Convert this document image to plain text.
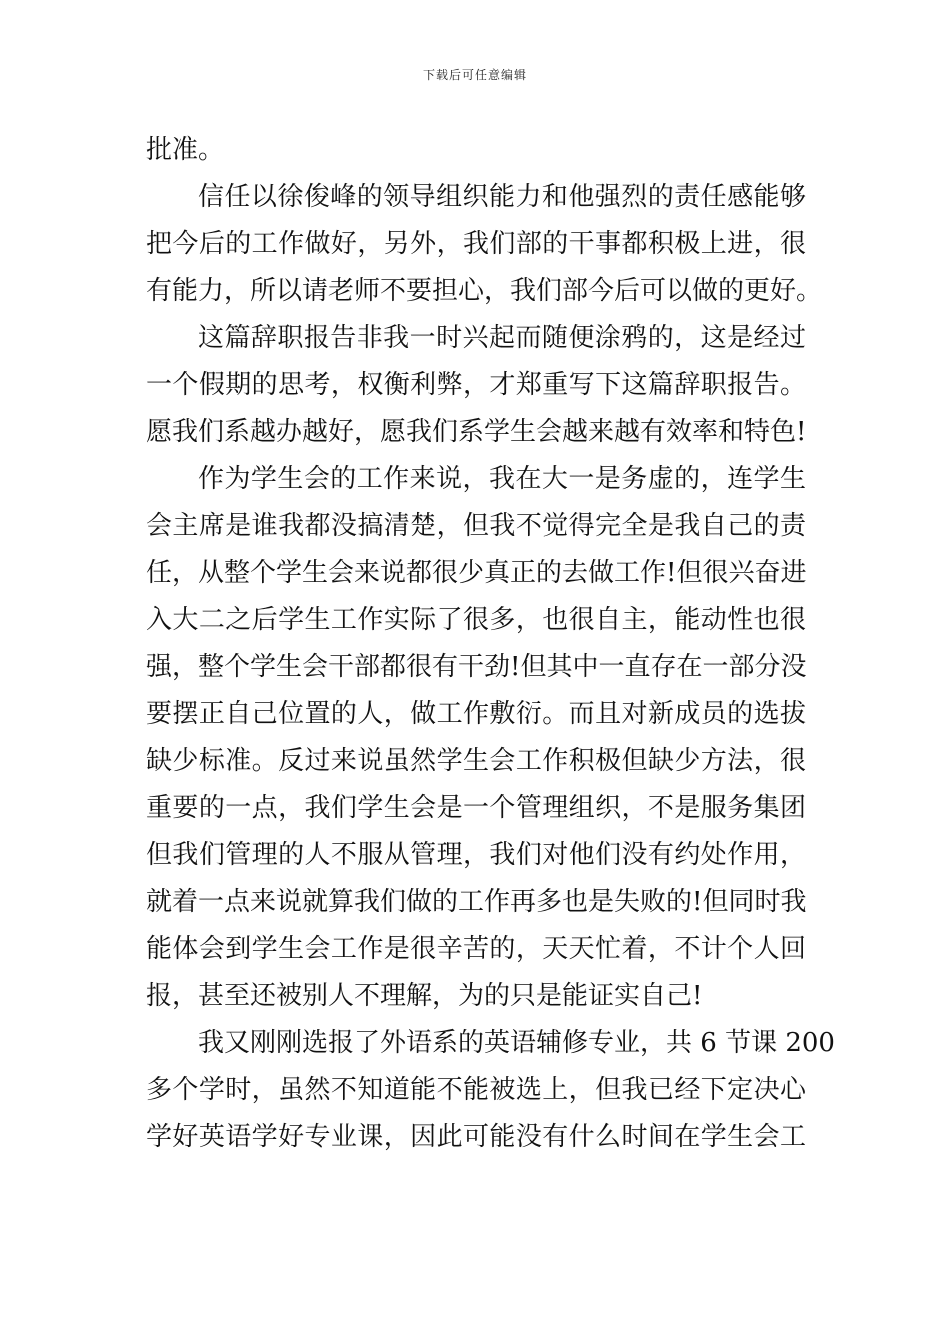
下载后可任意编辑
批准。
信任以徐俊峰的领导组织能力和他强烈的责任感能够
把今后的工作做好，另外，我们部的干事都积极上进，很
有能力，所以请老师不要担心，我们部今后可以做的更好。
这篇辞职报告非我一时兴起而随便涂鸦的，这是经过
一个假期的思考，权衡利弊，才郑重写下这篇辞职报告。
愿我们系越办越好，愿我们系学生会越来越有效率和特色!
作为学生会的工作来说，我在大一是务虚的，连学生
会主席是谁我都没搞清楚，但我不觉得完全是我自己的责
任，从整个学生会来说都很少真正的去做工作!但很兴奋进
入大二之后学生工作实际了很多，也很自主，能动性也很
强，整个学生会干部都很有干劲!但其中一直存在一部分没
要摆正自己位置的人，做工作敷衍。而且对新成员的选拔
缺少标准。反过来说虽然学生会工作积极但缺少方法，很
重要的一点，我们学生会是一个管理组织，不是服务集团
但我们管理的人不服从管理，我们对他们没有约处作用，
就着一点来说就算我们做的工作再多也是失败的!但同时我
能体会到学生会工作是很辛苦的，天天忙着，不计个人回
报，甚至还被别人不理解，为的只是能证实自己!
我又刚刚选报了外语系的英语辅修专业，共 6 节课 200
多个学时，虽然不知道能不能被选上，但我已经下定决心
学好英语学好专业课，因此可能没有什么时间在学生会工
